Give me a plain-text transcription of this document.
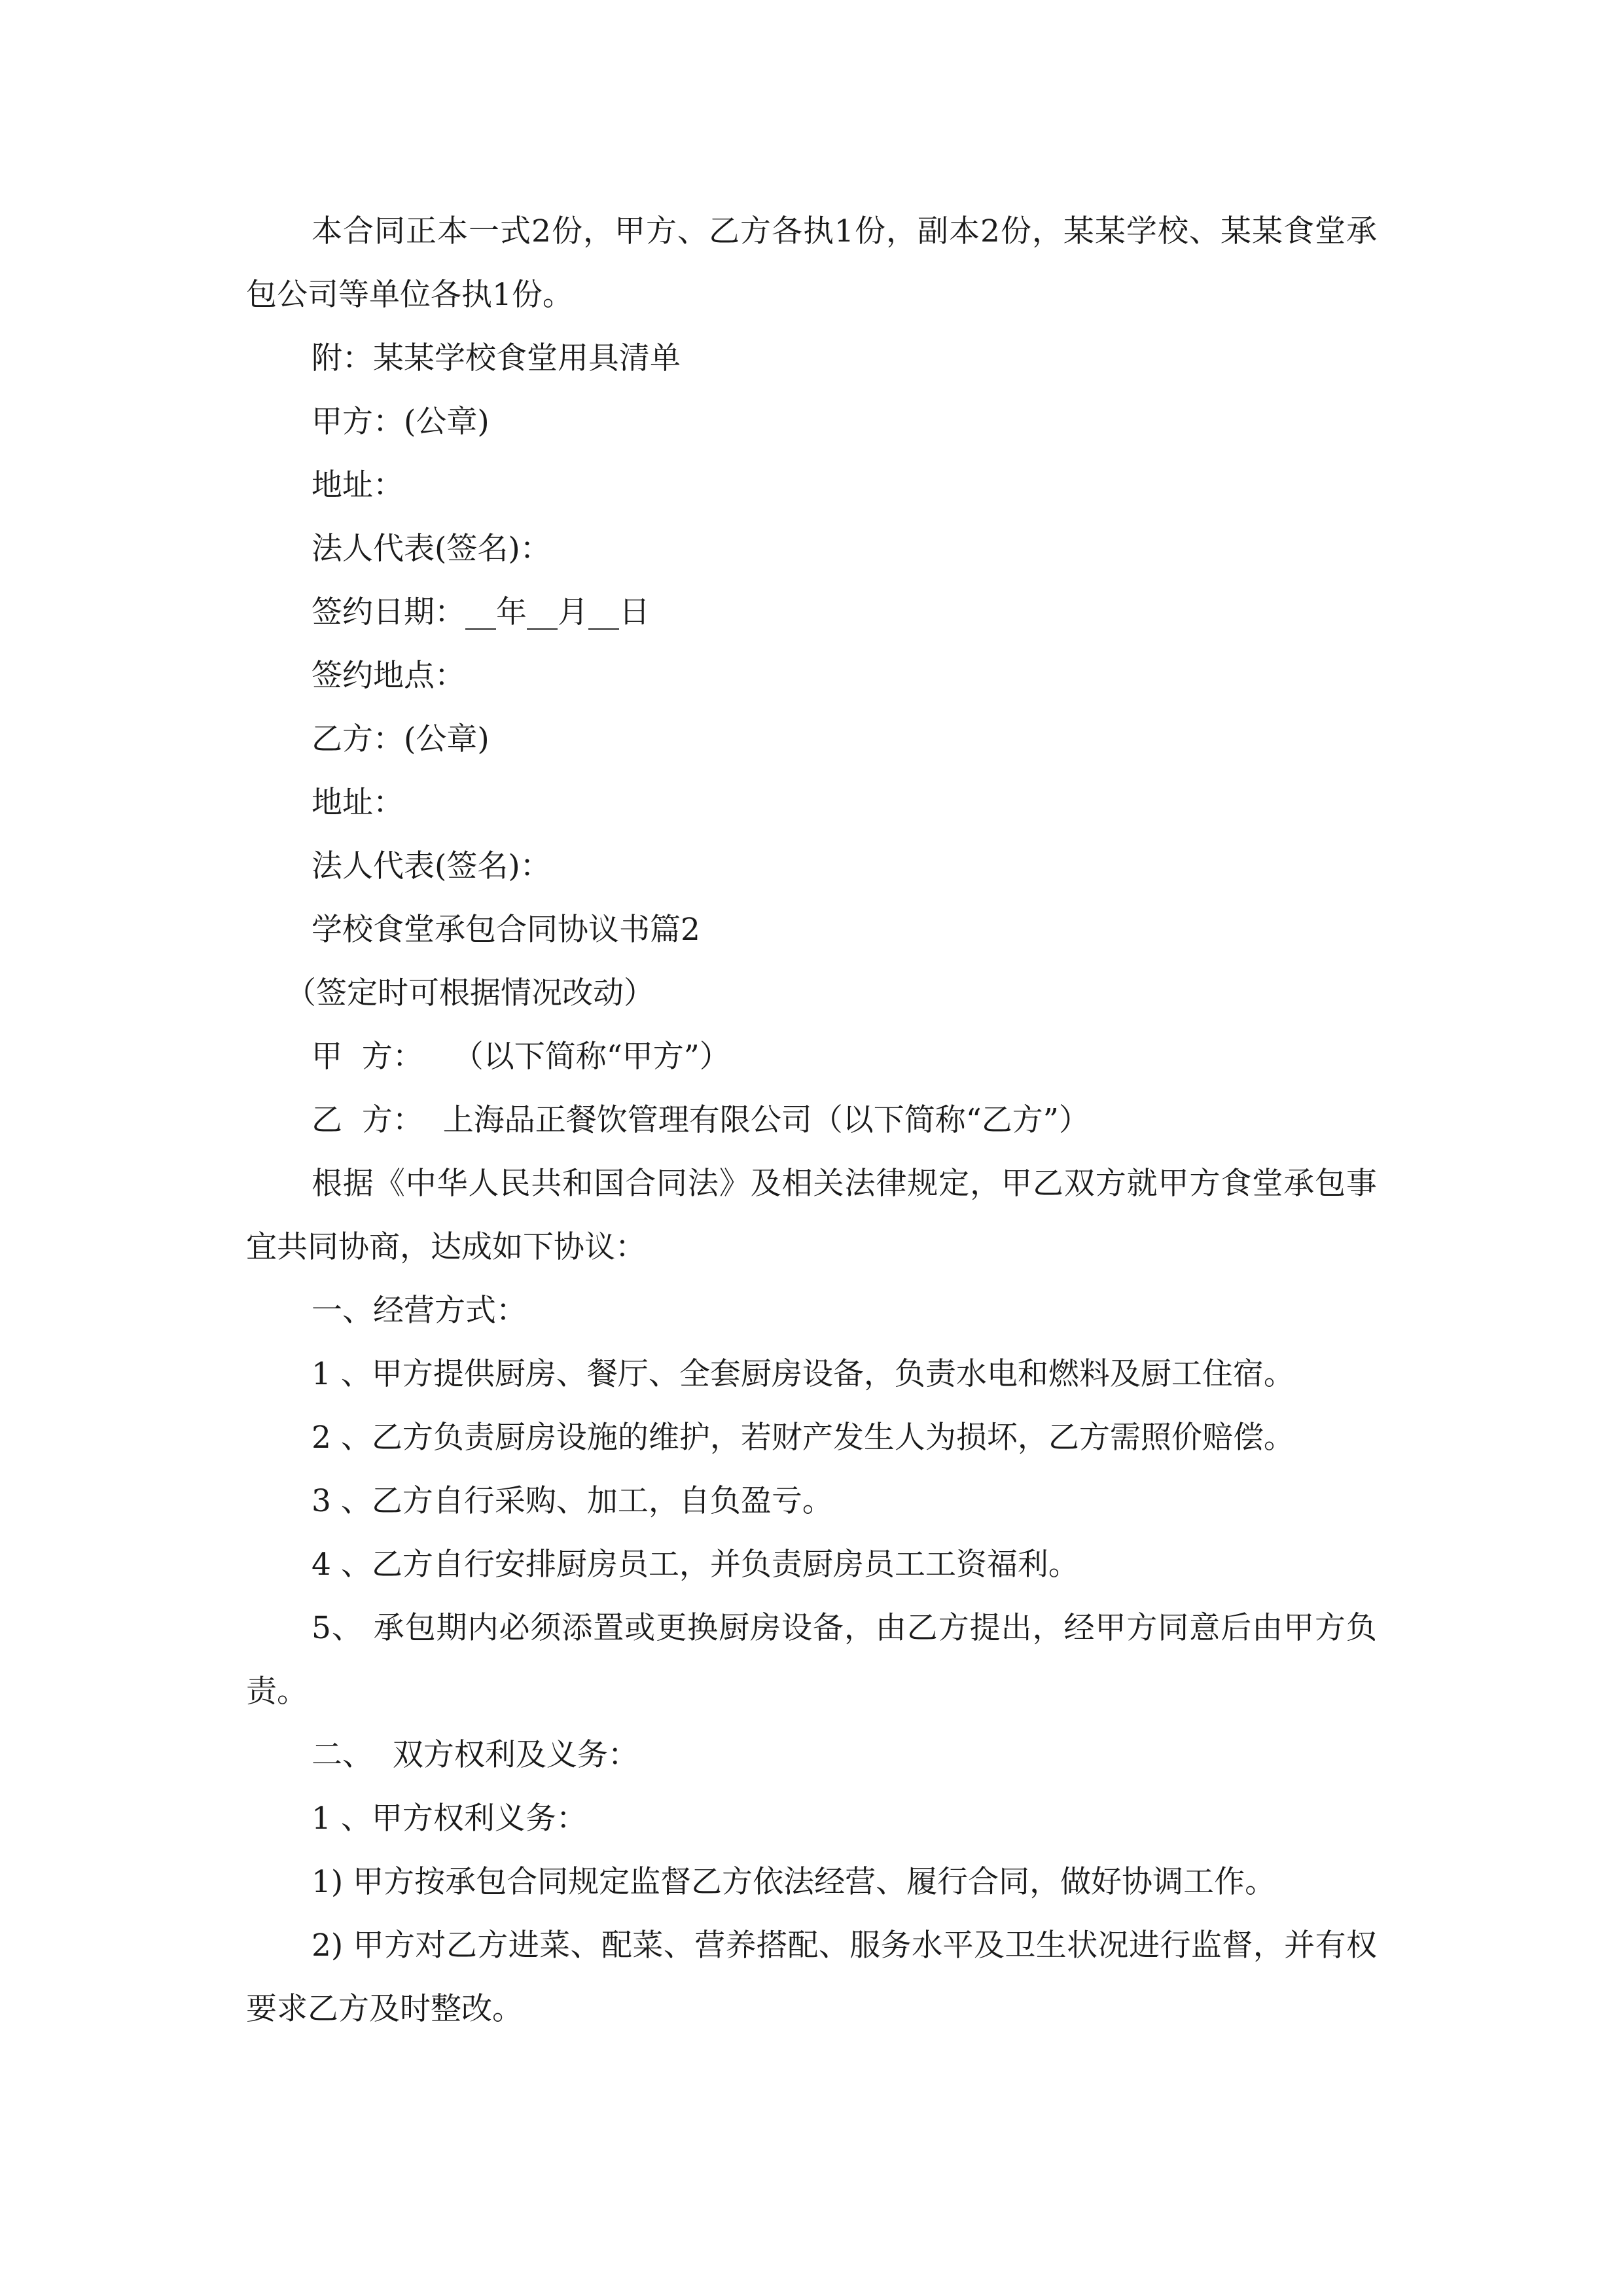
本合同正本一式2份，甲方、乙方各执1份，副本2份，某某学校、某某食堂承包公司等单位各执1份。

附：某某学校食堂用具清单

甲方：(公章)

地址：

法人代表(签名)：

签约日期：__年__月__日

签约地点：

乙方：(公章)

地址：

法人代表(签名)：

学校食堂承包合同协议书篇2

（签定时可根据情况改动）

甲  方：   （以下简称“甲方”）

乙  方：  上海品正餐饮管理有限公司（以下简称“乙方”）

根据《中华人民共和国合同法》及相关法律规定，甲乙双方就甲方食堂承包事宜共同协商，达成如下协议：

一、经营方式：

1 、甲方提供厨房、餐厅、全套厨房设备，负责水电和燃料及厨工住宿。

2 、乙方负责厨房设施的维护，若财产发生人为损坏，乙方需照价赔偿。

3 、乙方自行采购、加工，自负盈亏。

4 、乙方自行安排厨房员工，并负责厨房员工工资福利。

5、 承包期内必须添置或更换厨房设备，由乙方提出，经甲方同意后由甲方负责。

二、  双方权利及义务：

1 、甲方权利义务：

1) 甲方按承包合同规定监督乙方依法经营、履行合同，做好协调工作。

2) 甲方对乙方进菜、配菜、营养搭配、服务水平及卫生状况进行监督，并有权要求乙方及时整改。
